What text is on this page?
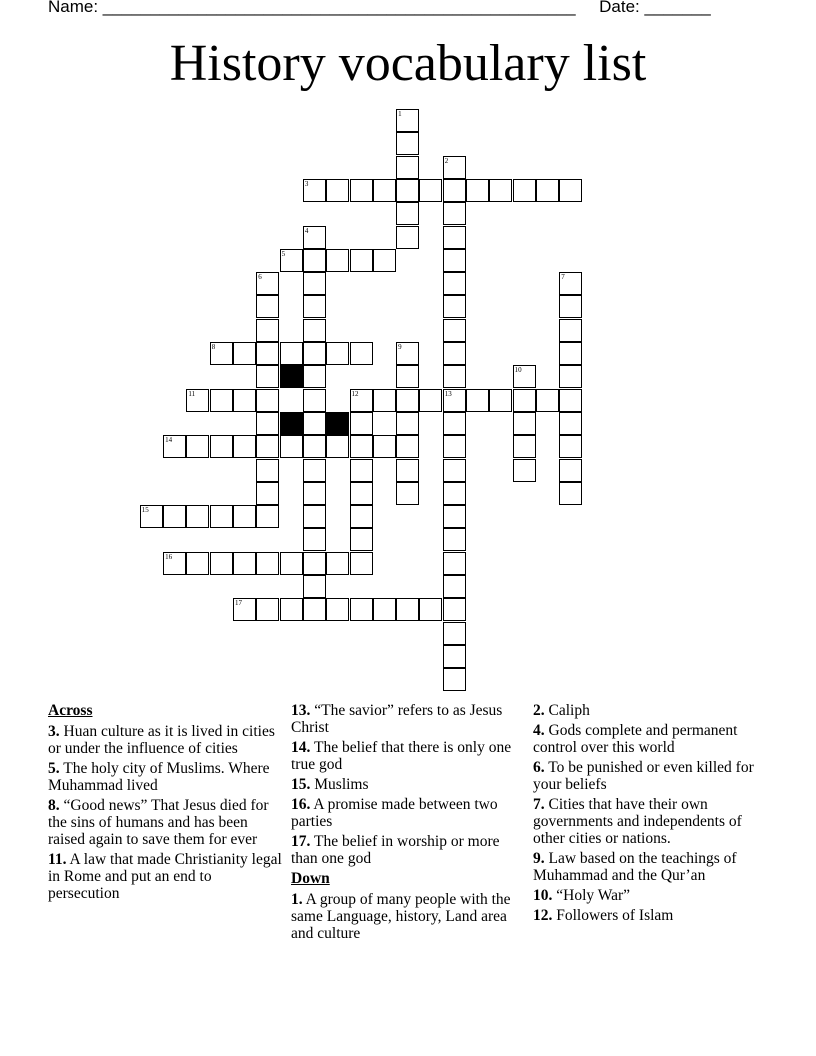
Name: __________________________________________________     Date: _______
History vocabulary list
1
2
13
3
4
5
6	7
8	9
10
11	12
14
15
16
17
Across
3. Huan culture as it is lived in cities or under the influence of cities
5. The holy city of Muslims. Where Muhammad lived
8. “Good news” That Jesus died for the sins of humans and has been raised again to save them for ever
11. A law that made Christianity legal in Rome and put an end to persecution
13. “The savior” refers to as Jesus Christ
14. The belief that there is only one true god
15. Muslims
16. A promise made between two parties
17. The belief in worship or more than one god
Down
1. A group of many people with the same Language, history, Land area and culture
2. Caliph
4. Gods complete and permanent control over this world
6. To be punished or even killed for your beliefs
7. Cities that have their own governments and independents of other cities or nations.
9. Law based on the teachings of Muhammad and the Qur’an
10. “Holy War”
12. Followers of Islam
